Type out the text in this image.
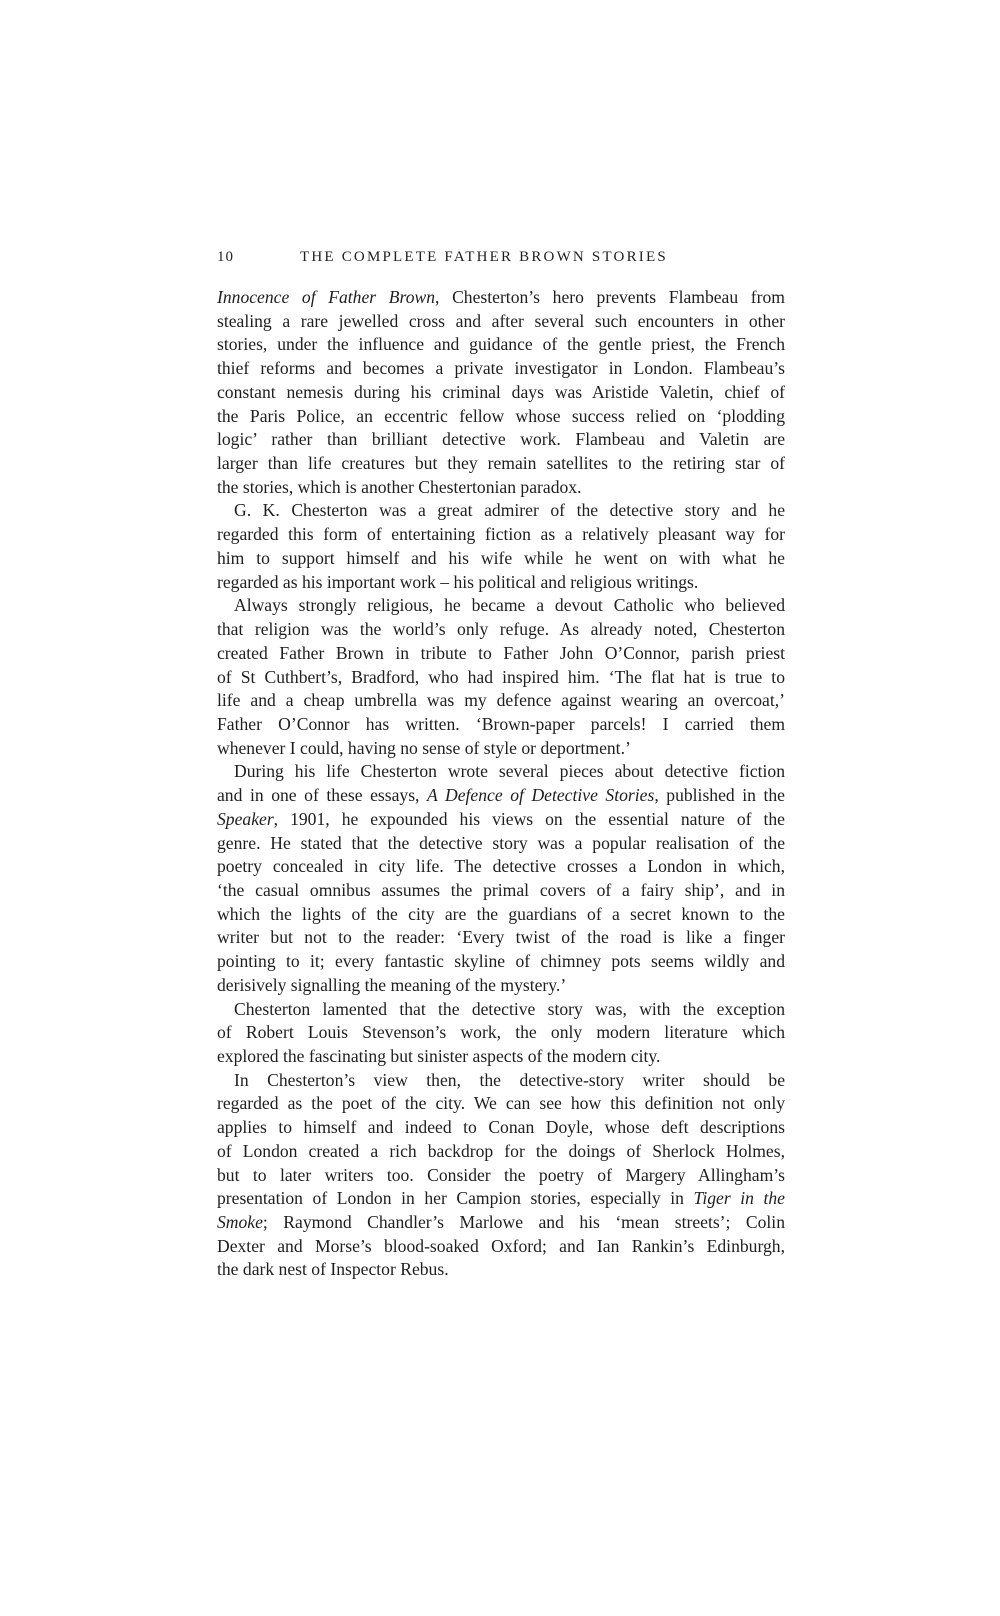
10	THE COMPLETE FATHER BROWN STORIES
Innocence of Father Brown, Chesterton’s hero prevents Flambeau from
stealing a rare jewelled cross and after several such encounters in other
stories, under the influence and guidance of the gentle priest, the French
thief reforms and becomes a private investigator in London. Flambeau’s
constant nemesis during his criminal days was Aristide Valetin, chief of
the Paris Police, an eccentric fellow whose success relied on ‘plodding
logic’ rather than brilliant detective work. Flambeau and Valetin are
larger than life creatures but they remain satellites to the retiring star of
the stories, which is another Chestertonian paradox.
G. K. Chesterton was a great admirer of the detective story and he
regarded this form of entertaining fiction as a relatively pleasant way for
him to support himself and his wife while he went on with what he
regarded as his important work – his political and religious writings.
Always strongly religious, he became a devout Catholic who believed
that religion was the world’s only refuge. As already noted, Chesterton
created Father Brown in tribute to Father John O’Connor, parish priest
of St Cuthbert’s, Bradford, who had inspired him. ‘The flat hat is true to
life and a cheap umbrella was my defence against wearing an overcoat,’
Father O’Connor has written. ‘Brown-paper parcels! I carried them
whenever I could, having no sense of style or deportment.’
During his life Chesterton wrote several pieces about detective fiction
and in one of these essays, A Defence of Detective Stories, published in the
Speaker, 1901, he expounded his views on the essential nature of the
genre. He stated that the detective story was a popular realisation of the
poetry concealed in city life. The detective crosses a London in which,
‘the casual omnibus assumes the primal covers of a fairy ship’, and in
which the lights of the city are the guardians of a secret known to the
writer but not to the reader: ‘Every twist of the road is like a finger
pointing to it; every fantastic skyline of chimney pots seems wildly and
derisively signalling the meaning of the mystery.’
Chesterton lamented that the detective story was, with the exception
of Robert Louis Stevenson’s work, the only modern literature which
explored the fascinating but sinister aspects of the modern city.
In Chesterton’s view then, the detective-story writer should be
regarded as the poet of the city. We can see how this definition not only
applies to himself and indeed to Conan Doyle, whose deft descriptions
of London created a rich backdrop for the doings of Sherlock Holmes,
but to later writers too. Consider the poetry of Margery Allingham’s
presentation of London in her Campion stories, especially in Tiger in the
Smoke; Raymond Chandler’s Marlowe and his ‘mean streets’; Colin
Dexter and Morse’s blood-soaked Oxford; and Ian Rankin’s Edinburgh,
the dark nest of Inspector Rebus.
